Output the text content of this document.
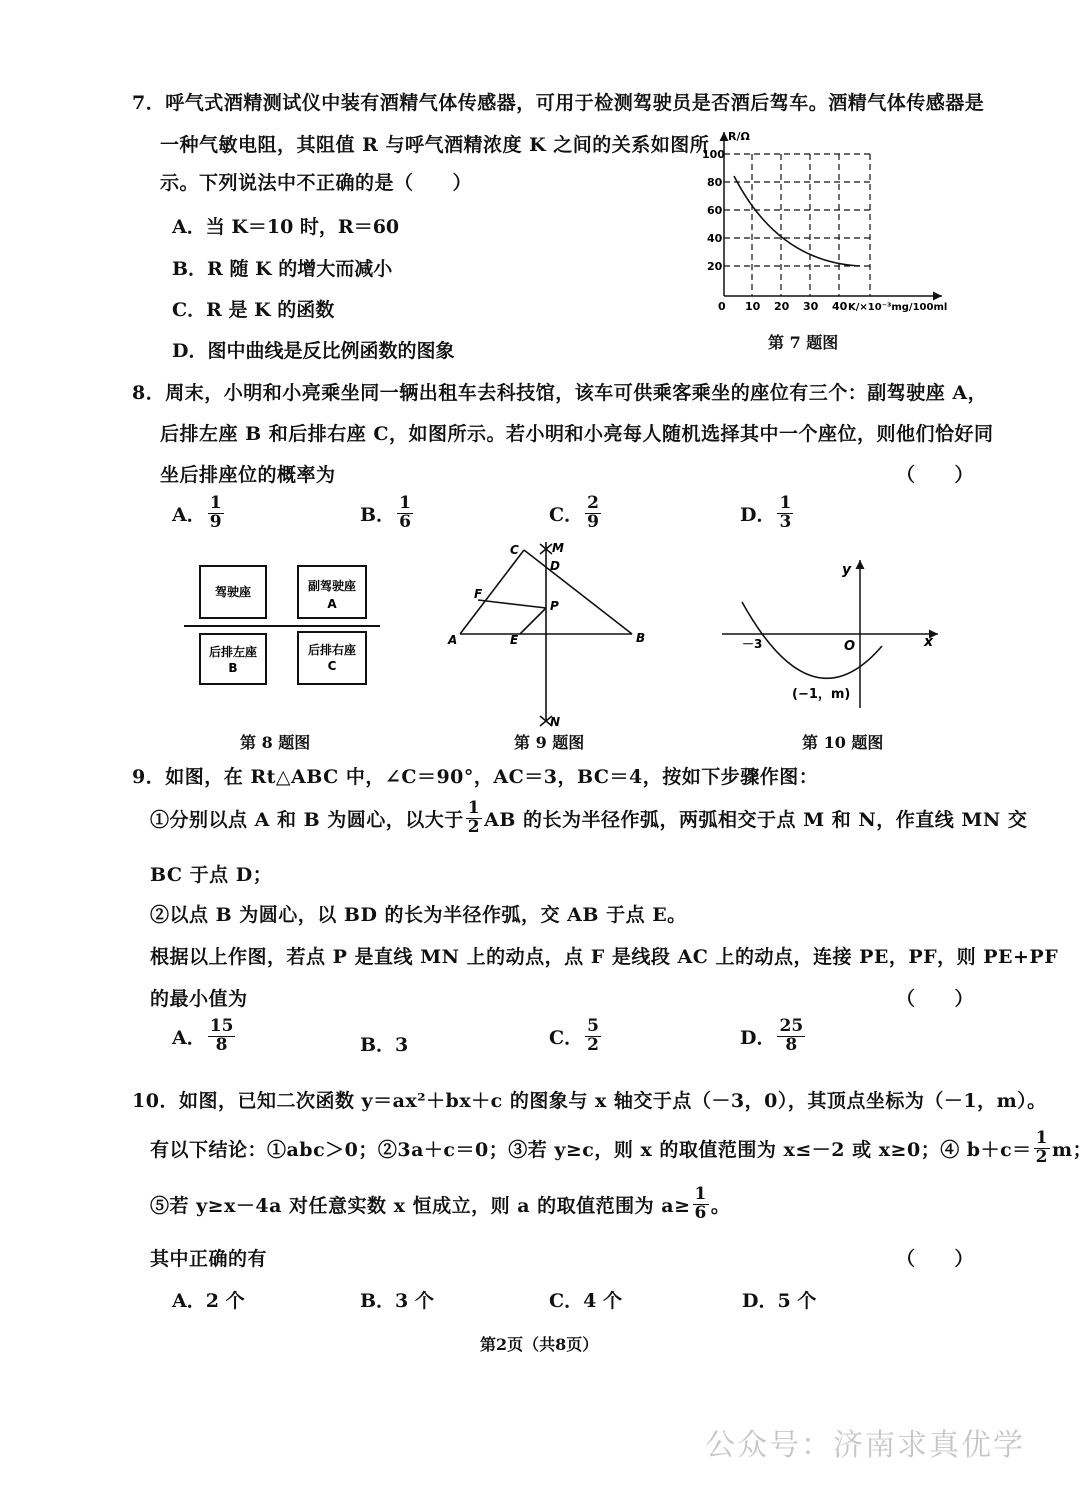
7．呼气式酒精测试仪中装有酒精气体传感器，可用于检测驾驶员是否酒后驾车。酒精气体传感器是
一种气敏电阻，其阻值 R 与呼气酒精浓度 K 之间的关系如图所
示。下列说法中不正确的是（　　）
A．当 K＝10 时，R＝60
B．R 随 K 的增大而减小
C．R 是 K 的函数
D．图中曲线是反比例函数的图象
R/Ω
100
80
60
40
20
0 10 20 30 40 K/×10⁻³mg/100ml
第 7 题图
8．周末，小明和小亮乘坐同一辆出租车去科技馆，该车可供乘客乘坐的座位有三个：副驾驶座 A，
后排左座 B 和后排右座 C，如图所示。若小明和小亮每人随机选择其中一个座位，则他们恰好同
坐后排座位的概率为	（　　）
A． $\frac{1}{9}$	B． $\frac{1}{6}$	C． $\frac{2}{9}$	D． $\frac{1}{3}$
驾驶座	副驾驶座
A
后排左座
B
后排右座
C
第 8 题图
C	M
D
F
P
A	E	B
N
第 9 题图
y
x
O
－3
(−1，m)
第 10 题图
9．如图，在 Rt△ABC 中，∠C＝90°，AC＝3，BC＝4，按如下步骤作图：
①分别以点 A 和 B 为圆心，以大于 $\frac{1}{2}$ AB 的长为半径作弧，两弧相交于点 M 和 N，作直线 MN 交
BC 于点 D；
②以点 B 为圆心，以 BD 的长为半径作弧，交 AB 于点 E。
根据以上作图，若点 P 是直线 MN 上的动点，点 F 是线段 AC 上的动点，连接 PE，PF，则 PE+PF
的最小值为	（　　）
A． $\frac{15}{8}$	B．3	C． $\frac{5}{2}$	D． $\frac{25}{8}$
10．如图，已知二次函数 y＝ax²＋bx＋c 的图象与 x 轴交于点（－3，0），其顶点坐标为（－1，m）。
有以下结论：①abc＞0；②3a＋c＝0；③若 y≥c，则 x 的取值范围为 x≤－2 或 x≥0；④ $b+c= \frac{1}{2}$ m；
⑤若 y≥x－4a 对任意实数 x 恒成立，则 a 的取值范围为 $a\ge \frac{1}{6}$ 。
其中正确的有	（　　）
A．2 个	B．3 个	C．4 个	D．5 个
第2页（共8页）
公众号：济南求真优学
